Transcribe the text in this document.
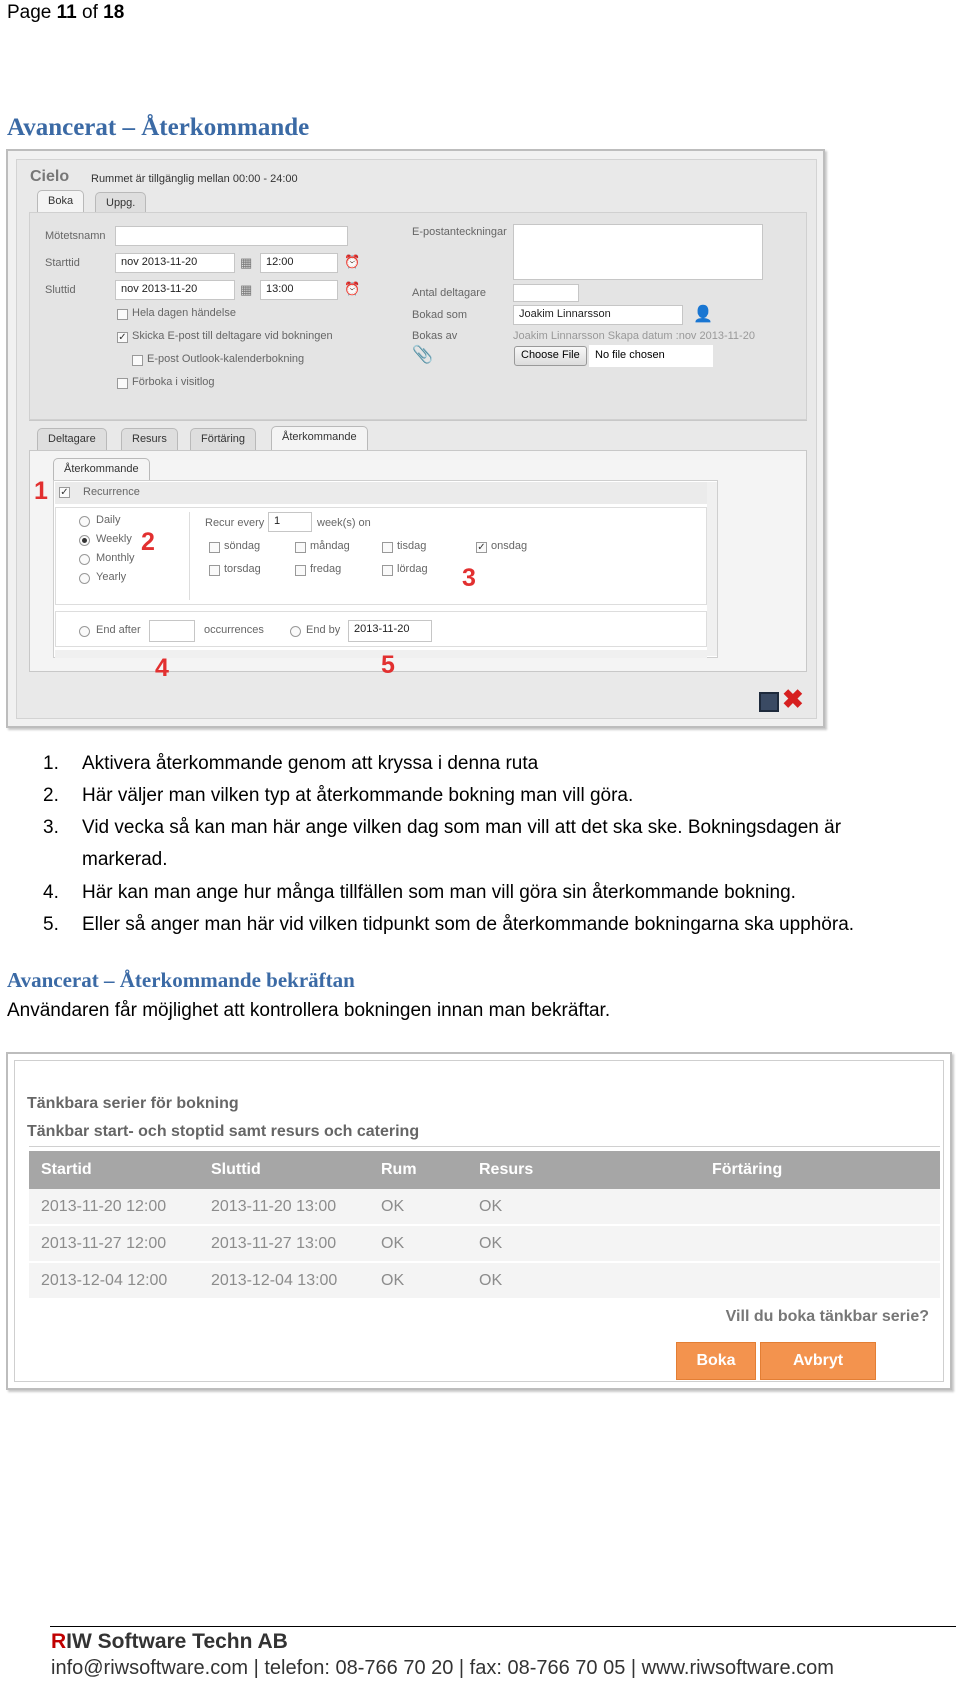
Page 11 of 18
Avancerat – Återkommande
Cielo Rummet är tillgänglig mellan 00:00 - 24:00
Boka	Uppg.
Mötetsnamn
Starttid	nov 2013-11-20	▦	12:00	⏰
Sluttid	nov 2013-11-20	▦	13:00	⏰
Hela dagen händelse
✓ Skicka E-post till deltagare vid bokningen
E-post Outlook-kalenderbokning
Förboka i visitlog
E-postanteckningar
Antal deltagare
Bokad som	Joakim Linnarsson	👤
Bokas av	Joakim Linnarsson Skapa datum :nov 2013-11-20
📎	Choose File	No file chosen
Deltagare	Resurs	Förtäring	Återkommande
Återkommande
✓ Recurrence
Daily
Weekly
Monthly
Yearly
Recur every 1	week(s) on
söndag	måndag	tisdag	✓ onsdag
torsdag	fredag	lördag
End after	occurrences	End by	2013-11-20
1
2
3
4	5
✖
1. Aktivera återkommande genom att kryssa i denna ruta
2. Här väljer man vilken typ at återkommande bokning man vill göra.
3. Vid vecka så kan man här ange vilken dag som man vill att det ska ske. Bokningsdagen är
markerad.
4. Här kan man ange hur många tillfällen som man vill göra sin återkommande bokning.
5. Eller så anger man här vid vilken tidpunkt som de återkommande bokningarna ska upphöra.
Avancerat – Återkommande bekräftan
Användaren får möjlighet att kontrollera bokningen innan man bekräftar.
Tänkbara serier för bokning
Tänkbar start- och stoptid samt resurs och catering
Startid	Sluttid	Rum	Resurs	Förtäring
2013-11-20 12:00	2013-11-20 13:00	OK	OK
2013-11-27 12:00	2013-11-27 13:00	OK	OK
2013-12-04 12:00	2013-12-04 13:00	OK	OK
Vill du boka tänkbar serie?
Boka	Avbryt
RIW Software Techn AB
info@riwsoftware.com | telefon: 08-766 70 20 | fax: 08-766 70 05 | www.riwsoftware.com
